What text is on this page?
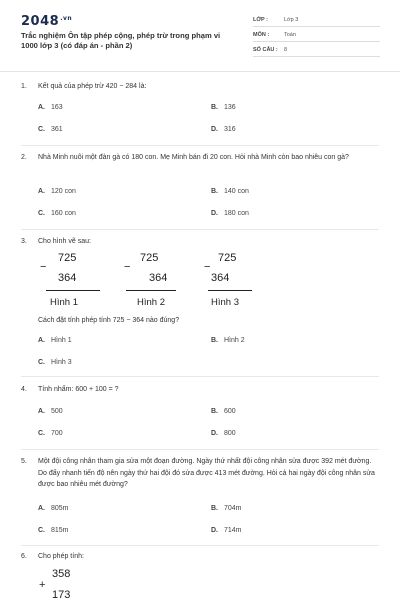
$2048^{.vn}$
Trắc nghiệm Ôn tập phép cộng, phép trừ trong phạm vi 1000 lớp 3 (có đáp án - phần 2)
LỚP :	Lớp 3
MÔN :	Toán
SỐ CÂU :	8
1.	Kết quả của phép trừ 420 − 284 là:
A. 163	B. 136
C. 361	D. 316
2.	Nhà Minh nuôi một đàn gà có 180 con. Mẹ Minh bán đi 20 con. Hỏi nhà Minh còn bao nhiêu con gà?
A. 120 con	B. 140 con
C. 160 con	D. 180 con
3.	Cho hình vẽ sau:
725
−
364
Hình 1
725
−
364
Hình 2
725
−
364
Hình 3
Cách đặt tính phép tính 725 − 364 nào đúng?
A. Hình 1	B. Hình 2
C. Hình 3
4.	Tính nhẩm: 600 + 100 = ?
A. 500	B. 600
C. 700	D. 800
5.	Một đội công nhân tham gia sửa một đoạn đường. Ngày thứ nhất đội công nhân sửa được 392 mét đường. Do đẩy nhanh tiến độ nên ngày thứ hai đội đó sửa được 413 mét đường. Hỏi cả hai ngày đội công nhân sửa được bao nhiêu mét đường?
A. 805m	B. 704m
C. 815m	D. 714m
6.	Cho phép tính:
358
+
173
